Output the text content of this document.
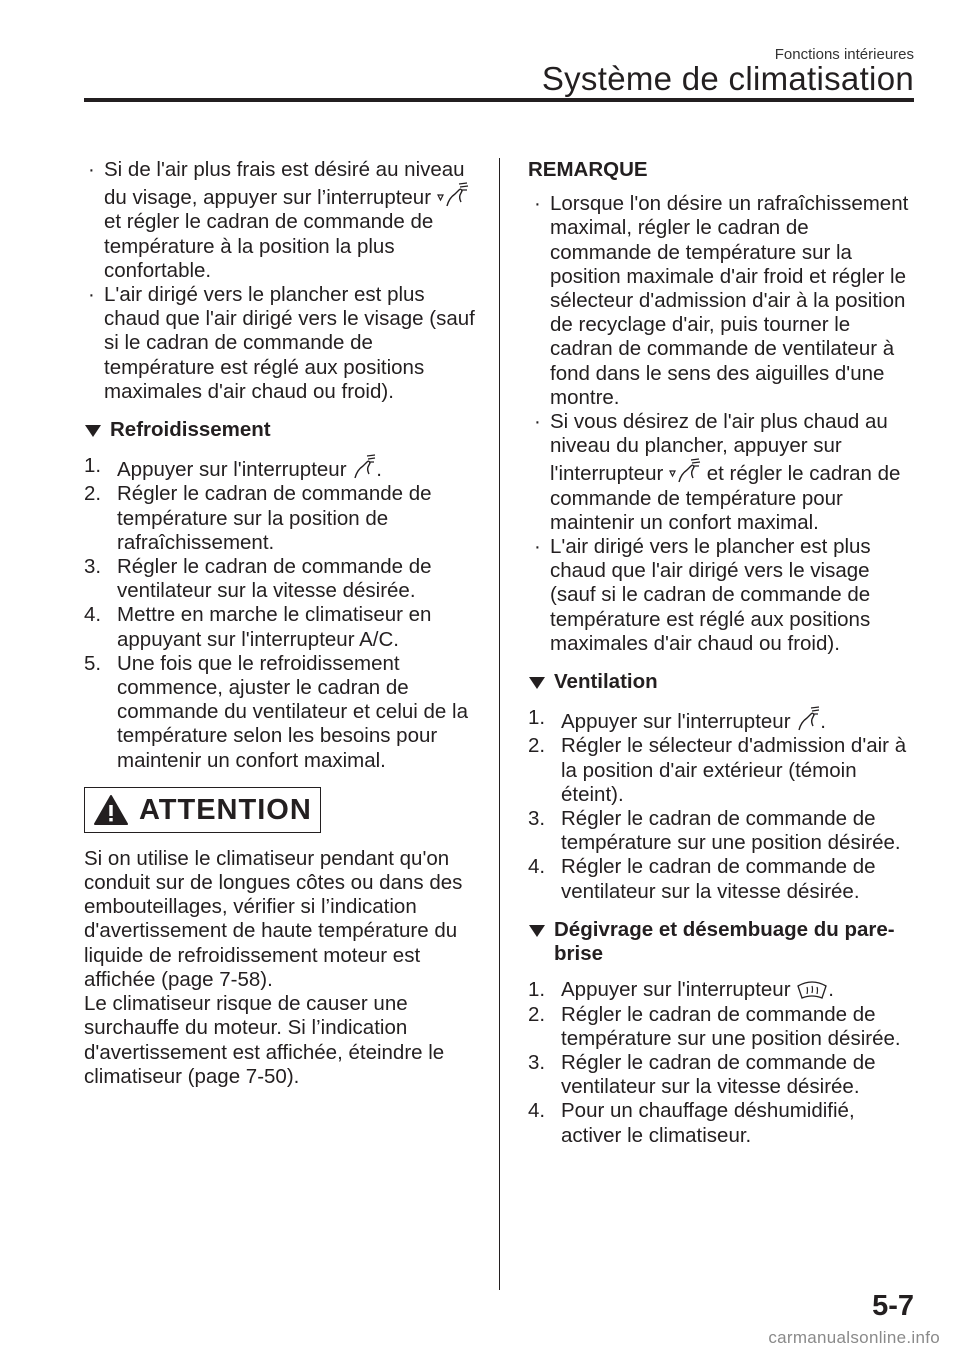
Fonctions intérieures
Système de climatisation
· Si de l'air plus frais est désiré au niveau du visage, appuyer sur l’interrupteur  et régler le cadran de commande de température à la position la plus confortable.
· L'air dirigé vers le plancher est plus chaud que l'air dirigé vers le visage (sauf si le cadran de commande de température est réglé aux positions maximales d'air chaud ou froid).
Refroidissement
1. Appuyer sur l'interrupteur .
2. Régler le cadran de commande de température sur la position de rafraîchissement.
3. Régler le cadran de commande de ventilateur sur la vitesse désirée.
4. Mettre en marche le climatiseur en appuyant sur l'interrupteur A/C.
5. Une fois que le refroidissement commence, ajuster le cadran de commande du ventilateur et celui de la température selon les besoins pour maintenir un confort maximal.
ATTENTION
Si on utilise le climatiseur pendant qu'on conduit sur de longues côtes ou dans des embouteillages, vérifier si l’indication d'avertissement de haute température du liquide de refroidissement moteur est affichée (page 7-58).
Le climatiseur risque de causer une surchauffe du moteur. Si l’indication d'avertissement est affichée, éteindre le climatiseur (page 7-50).
REMARQUE
· Lorsque l'on désire un rafraîchissement maximal, régler le cadran de commande de température sur la position maximale d'air froid et régler le sélecteur d'admission d'air à la position de recyclage d'air, puis tourner le cadran de commande de ventilateur à fond dans le sens des aiguilles d'une montre.
· Si vous désirez de l'air plus chaud au niveau du plancher, appuyer sur l'interrupteur et régler le cadran de commande de température pour maintenir un confort maximal.
· L'air dirigé vers le plancher est plus chaud que l'air dirigé vers le visage (sauf si le cadran de commande de température est réglé aux positions maximales d'air chaud ou froid).
Ventilation
1. Appuyer sur l'interrupteur .
2. Régler le sélecteur d'admission d'air à la position d'air extérieur (témoin éteint).
3. Régler le cadran de commande de température sur une position désirée.
4. Régler le cadran de commande de ventilateur sur la vitesse désirée.
Dégivrage et désembuage du pare-brise
1. Appuyer sur l'interrupteur .
2. Régler le cadran de commande de température sur une position désirée.
3. Régler le cadran de commande de ventilateur sur la vitesse désirée.
4. Pour un chauffage déshumidifié, activer le climatiseur.
5-7
carmanualsonline.info
